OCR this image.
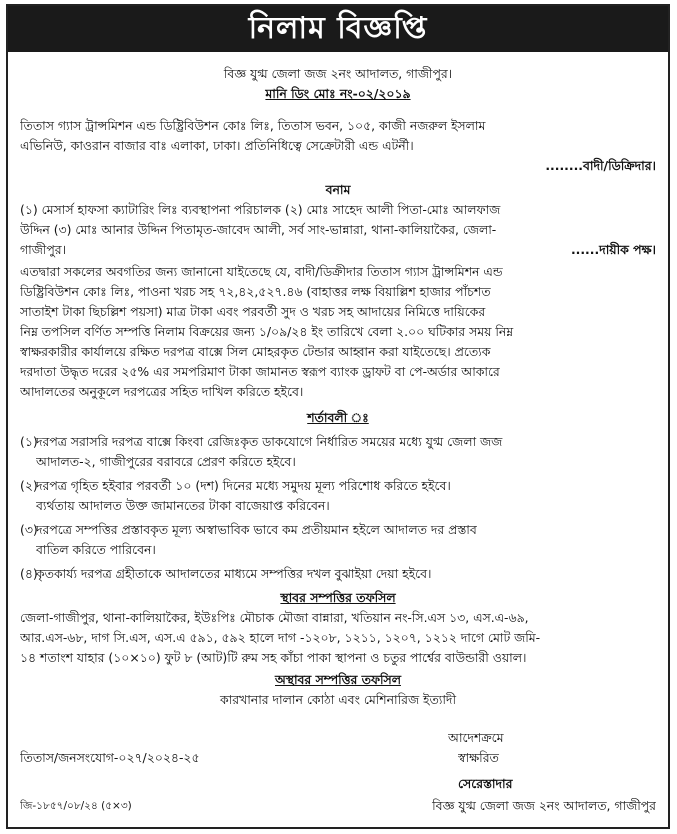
নিলাম বিজ্ঞপ্তি
বিজ্ঞ যুগ্ম জেলা জজ ২নং আদালত, গাজীপুর।
মানি ডিং মোঃ নং-০২/২০১৯
তিতাস গ্যাস ট্রান্সমিশন এন্ড ডিষ্ট্রিবিউশন কোঃ লিঃ, তিতাস ভবন, ১০৫, কাজী নজরুল ইসলাম
এভিনিউ, কাওরান বাজার বাঃ এলাকা, ঢাকা। প্রতিনিধিত্বে সেক্রেটারী এন্ড এটর্নী।
........বাদী/ডিক্রিদার।
বনাম
(১) মেসার্স হাফসা ক্যাটারিং লিঃ ব্যবস্থাপনা পরিচালক (২) মোঃ সাহেদ আলী পিতা-মোঃ আলফাজ
উদ্দিন (৩) মোঃ আনার উদ্দিন পিতামৃত-জাবেদ আলী, সর্ব সাং-ভান্নারা, থানা-কালিয়াকৈর, জেলা-
গাজীপুর।	......দায়ীক পক্ষ।
এতদ্বারা সকলের অবগতির জন্য জানানো যাইতেছে যে, বাদী/ডিক্রীদার তিতাস গ্যাস ট্রান্সমিশন এন্ড
ডিষ্ট্রিবিউশন কোঃ লিঃ, পাওনা খরচ সহ ৭২,৪২,৫২৭.৪৬ (বাহাত্তর লক্ষ বিয়াল্লিশ হাজার পাঁচশত
সাতাইশ টাকা ছিচল্লিশ পয়সা) মাত্র টাকা এবং পরবর্তী সুদ ও খরচ সহ আদায়ের নিমিত্তে দায়িকের
নিম্ন তপসিল বর্ণিত সম্পত্তি নিলাম বিক্রয়ের জন্য ১/০৯/২৪ ইং তারিখে বেলা ২.০০ ঘটিকার সময় নিম্ন
স্বাক্ষরকারীর কার্যালয়ে রক্ষিত দরপত্র বাক্সে সিল মোহরকৃত টেন্ডার আহ্বান করা যাইতেছে। প্রত্যেক
দরদাতা উদ্ধৃত দরের ২৫% এর সমপরিমাণ টাকা জামানত স্বরূপ ব্যাংক ড্রাফট বা পে-অর্ডার আকারে
আদালতের অনুকূলে দরপত্রের সহিত দাখিল করিতে হইবে।
শর্তাবলী ঃ
(১)
দরপত্র সরাসরি দরপত্র বাক্সে কিংবা রেজিঃকৃত ডাকযোগে নির্ধারিত সময়ের মধ্যে যুগ্ম জেলা জজ
আদালত-২, গাজীপুরের বরাবরে প্রেরণ করিতে হইবে।
(২)
দরপত্র গৃহিত হইবার পরবর্তী ১০ (দশ) দিনের মধ্যে সমুদয় মূল্য পরিশোধ করিতে হইবে।
ব্যর্থতায় আদালত উক্ত জামানতের টাকা বাজেয়াপ্ত করিবেন।
(৩)
দরপত্রে সম্পত্তির প্রস্তাবকৃত মূল্য অস্বাভাবিক ভাবে কম প্রতীয়মান হইলে আদালত দর প্রস্তাব
বাতিল করিতে পারিবেন।
(৪)
কৃতকার্য্য দরপত্র গ্রহীতাকে আদালতের মাধ্যমে সম্পত্তির দখল বুঝাইয়া দেয়া হইবে।
স্থাবর সম্পত্তির তফসিল
জেলা-গাজীপুর, থানা-কালিয়াকৈর, ইউঃপিঃ মৌচাক মৌজা বান্নারা, খতিয়ান নং-সি.এস ১৩, এস.এ-৬৯,
আর.এস-৬৮, দাগ সি.এস, এস.এ ৫৯১, ৫৯২ হালে দাগ -১২০৮, ১২১১, ১২০৭, ১২১২ দাগে মোট জমি-
১৪ শতাংশ যাহার (১০×১০) ফুট ৮ (আট)টি রুম সহ কাঁচা পাকা স্থাপনা ও চতুর পার্শ্বের বাউন্ডারী ওয়াল।
অস্থাবর সম্পত্তির তফসিল
কারখানার দালান কোঠা এবং মেশিনারিজ ইত্যাদী
আদেশক্রমে
স্বাক্ষরিত
তিতাস/জনসংযোগ-০২৭/২০২৪-২৫
সেরেস্তাদার
জি-১৮৫৭/০৮/২৪ (৫×৩)	বিজ্ঞ যুগ্ম জেলা জজ ২নং আদালত, গাজীপুর
